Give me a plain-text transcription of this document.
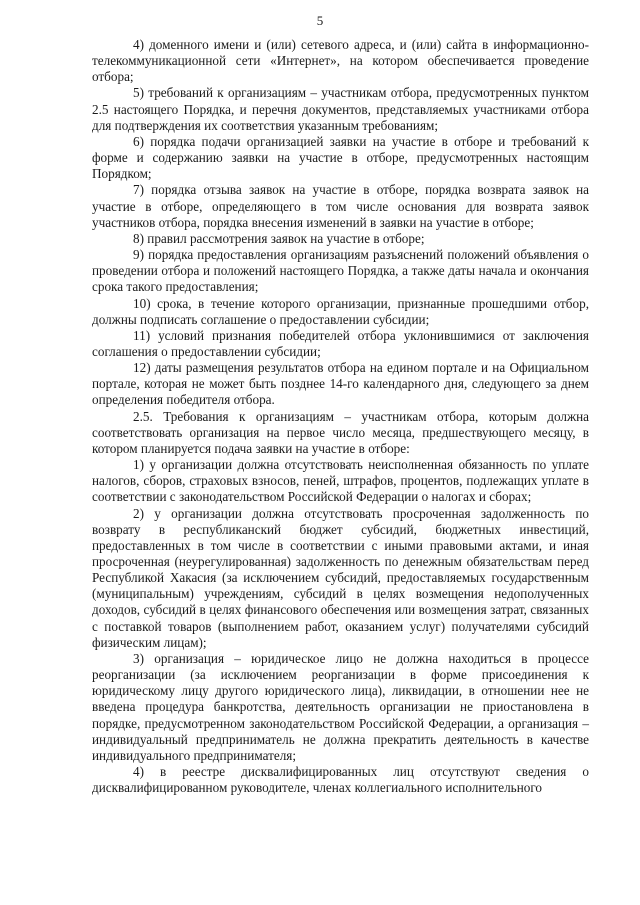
5

4) доменного имени и (или) сетевого адреса, и (или) сайта в информационно-телекоммуникационной сети «Интернет», на котором обеспечивается проведение отбора;

5) требований к организациям – участникам отбора, предусмотренных пунктом 2.5 настоящего Порядка, и перечня документов, представляемых участниками отбора для подтверждения их соответствия указанным требованиям;

6) порядка подачи организацией заявки на участие в отборе и требований к форме и содержанию заявки на участие в отборе, предусмотренных настоящим Порядком;

7) порядка отзыва заявок на участие в отборе, порядка возврата заявок на участие в отборе, определяющего в том числе основания для возврата заявок участников отбора, порядка внесения изменений в заявки на участие в отборе;

8) правил рассмотрения заявок на участие в отборе;

9) порядка предоставления организациям разъяснений положений объявления о проведении отбора и положений настоящего Порядка, а также даты начала и окончания срока такого предоставления;

10) срока, в течение которого организации, признанные прошедшими отбор, должны подписать соглашение о предоставлении субсидии;

11) условий признания победителей отбора уклонившимися от заключения соглашения о предоставлении субсидии;

12) даты размещения результатов отбора на едином портале и на Официальном портале, которая не может быть позднее 14-го календарного дня, следующего за днем определения победителя отбора.

2.5. Требования к организациям – участникам отбора, которым должна соответствовать организация на первое число месяца, предшествующего месяцу, в котором планируется подача заявки на участие в отборе:

1) у организации должна отсутствовать неисполненная обязанность по уплате налогов, сборов, страховых взносов, пеней, штрафов, процентов, подлежащих уплате в соответствии с законодательством Российской Федерации о налогах и сборах;

2) у организации должна отсутствовать просроченная задолженность по возврату в республиканский бюджет субсидий, бюджетных инвестиций, предоставленных в том числе в соответствии с иными правовыми актами, и иная просроченная (неурегулированная) задолженность по денежным обязательствам перед Республикой Хакасия (за исключением субсидий, предоставляемых государственным (муниципальным) учреждениям, субсидий в целях возмещения недополученных доходов, субсидий в целях финансового обеспечения или возмещения затрат, связанных с поставкой товаров (выполнением работ, оказанием услуг) получателями субсидий физическим лицам);

3) организация – юридическое лицо не должна находиться в процессе реорганизации (за исключением реорганизации в форме присоединения к юридическому лицу другого юридического лица), ликвидации, в отношении нее не введена процедура банкротства, деятельность организации не приостановлена в порядке, предусмотренном законодательством Российской Федерации, а организация – индивидуальный предприниматель не должна прекратить деятельность в качестве индивидуального предпринимателя;

4) в реестре дисквалифицированных лиц отсутствуют сведения о дисквалифицированном руководителе, членах коллегиального исполнительного
